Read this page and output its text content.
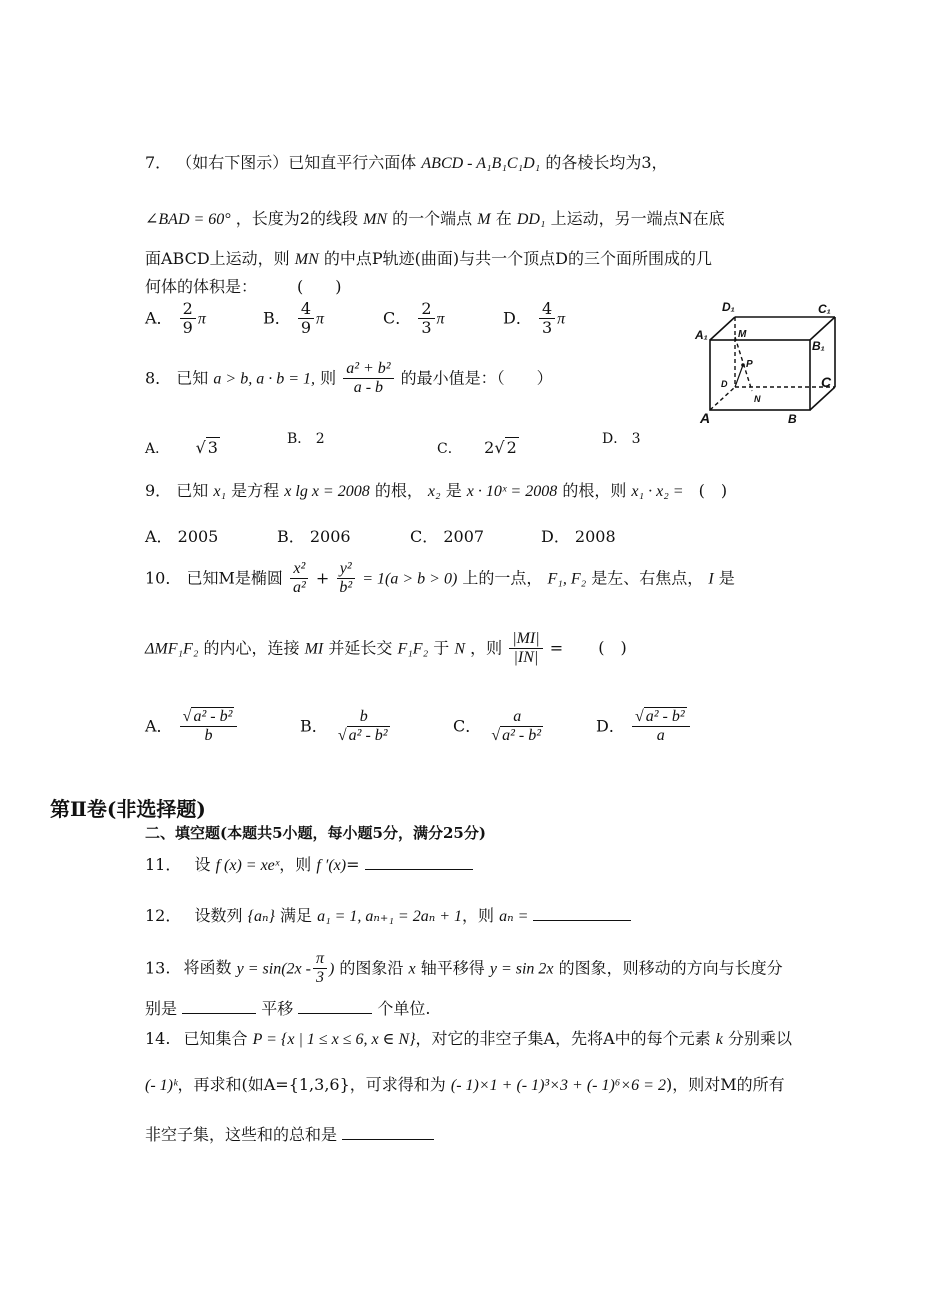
7． （如右下图示）已知直平行六面体 ABCD - A₁B₁C₁D₁ 的各棱长均为3，
∠BAD = 60° ，长度为2的线段 MN 的一个端点 M 在 DD₁ 上运动，另一端点N在底
面ABCD上运动，则 MN 的中点P轨迹(曲面)与共一个顶点D的三个面所围成的几
何体的体积是：　　　(　　)
A． $\frac{2}{9}$ π	B． $\frac{4}{9}$ π	C． $\frac{2}{3}$ π	D． $\frac{4}{3}$ π
D₁	C₁
A₁
B₁
M
P
D
N
C
A	B
8． 已知 a > b, a · b = 1, 则 $\frac{\text{a² + b²}}{a - b}$ 的最小值是：（　　）
A． √ 3	B． 2
C． 2√ 2	D． 3
9． 已知 x₁ 是方程 x lg x = 2008 的根， x₂ 是 x · 10ˣ = 2008 的根，则 x₁ · x₂ = (　)
A． 2005	B． 2006	C． 2007	D． 2008
10． 已知M是椭圆 $\frac{\text{x²}}{\text{a²}} + \frac{\text{y²}}{\text{b²}} = 1(a > b > 0)$ 上的一点， F₁, F₂ 是左、右焦点， I 是
ΔMF₁F₂ 的内心，连接 MI 并延长交 F₁F₂ 于 N ，则 $\frac{|MI|}{|IN|}$ = (　)
A． $\frac{\text{√ a² - b²}}{b}$	B． $\frac{b}{\text{√ a² - b²}}$	C． $\frac{a}{\text{√ a² - b²}}$	D． $\frac{\text{√ a² - b²}}{a}$
第Ⅱ卷(非选择题)
二、填空题(本题共5小题，每小题5分，满分25分)
11． 设 f (x) = xeˣ，则 f ′(x)=
12． 设数列 {aₙ} 满足 a₁ = 1, aₙ₊₁ = 2aₙ + 1，则 aₙ =
13. 将函数 $y = \sin(2x - \frac{\pi}{3}$ ) 的图象沿 x 轴平移得 y = sin 2x 的图象，则移动的方向与长度分
别是	平移	个单位.
14. 已知集合 P = {x | 1 ≤ x ≤ 6, x ∈ N}，对它的非空子集A，先将A中的每个元素 k 分别乘以
(- 1)ᵏ，再求和(如A={1,3,6}，可求得和为 (- 1)×1 + (- 1)³×3 + (- 1)⁶×6 = 2)，则对M的所有
非空子集，这些和的总和是
